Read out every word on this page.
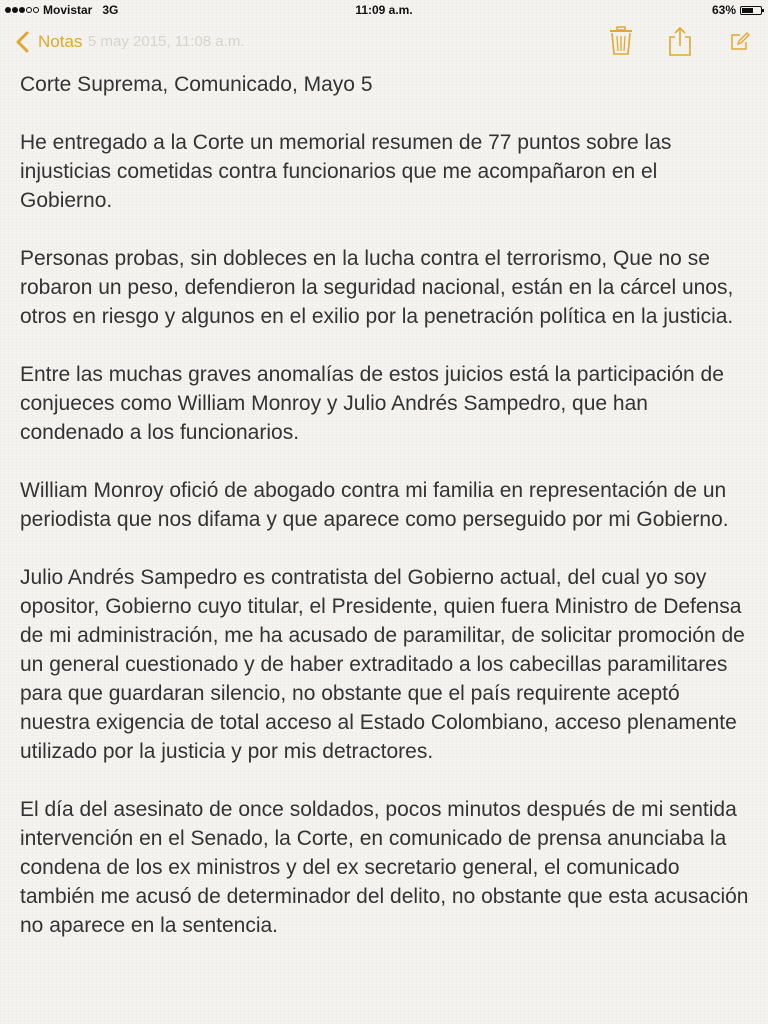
Movistar 3G	11:09 a.m.	63%
Notas 5 may 2015, 11:08 a.m.

Corte Suprema, Comunicado, Mayo 5

He entregado a la Corte un memorial resumen de 77 puntos sobre las injusticias cometidas contra funcionarios que me acompañaron en el Gobierno.

Personas probas, sin dobleces en la lucha contra el terrorismo, Que no se robaron un peso, defendieron la seguridad nacional, están en la cárcel unos, otros en riesgo y algunos en el exilio por la penetración política en la justicia.

Entre las muchas graves anomalías de estos juicios está la participación de conjueces como William Monroy y Julio Andrés Sampedro, que han condenado a los funcionarios.

William Monroy ofició de abogado contra mi familia en representación de un periodista que nos difama y que aparece como perseguido por mi Gobierno.

Julio Andrés Sampedro es contratista del Gobierno actual, del cual yo soy opositor, Gobierno cuyo titular, el Presidente, quien fuera Ministro de Defensa de mi administración, me ha acusado de paramilitar, de solicitar promoción de un general cuestionado y de haber extraditado a los cabecillas paramilitares para que guardaran silencio, no obstante que el país requirente aceptó nuestra exigencia de total acceso al Estado Colombiano, acceso plenamente utilizado por la justicia y por mis detractores.

El día del asesinato de once soldados, pocos minutos después de mi sentida intervención en el Senado, la Corte, en comunicado de prensa anunciaba la condena de los ex ministros y del ex secretario general, el comunicado también me acusó de determinador del delito, no obstante que esta acusación no aparece en la sentencia.
